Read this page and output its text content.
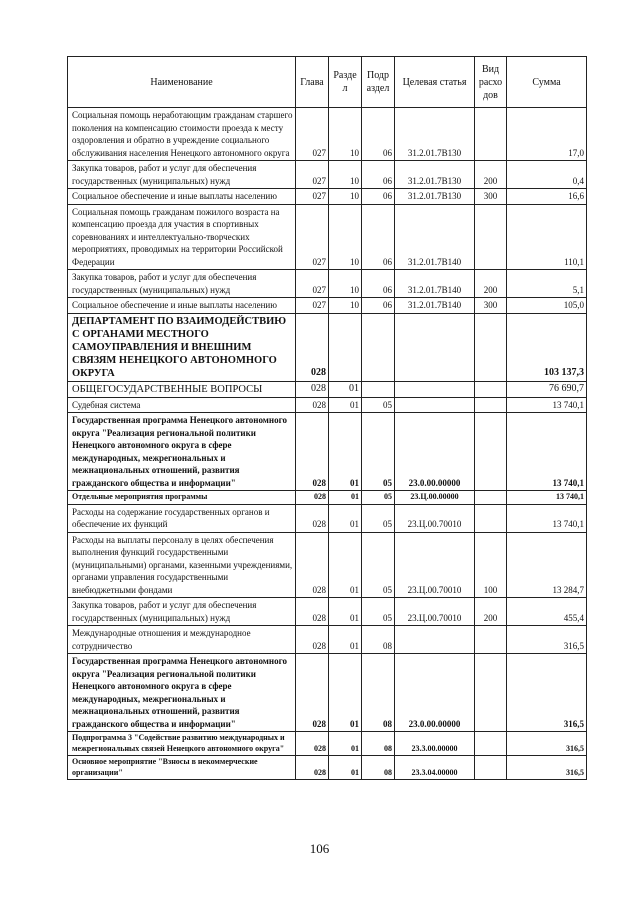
Наименование	Глава	Разде л	Подр аздел	Целевая статья	Вид расхо дов	Сумма
Социальная помощь неработающим гражданам старшего поколения на компенсацию стоимости проезда к месту оздоровления и обратно в учреждение социального обслуживания населения Ненецкого автономного округа	027	10	06	31.2.01.7В130		17,0
Закупка товаров, работ и услуг для обеспечения государственных (муниципальных) нужд	027	10	06	31.2.01.7В130	200	0,4
Социальное обеспечение и иные выплаты населению	027	10	06	31.2.01.7В130	300	16,6
Социальная помощь гражданам пожилого возраста на компенсацию проезда для участия в спортивных соревнованиях и интеллектуально-творческих мероприятиях, проводимых на территории Российской Федерации	027	10	06	31.2.01.7В140		110,1
Закупка товаров, работ и услуг для обеспечения государственных (муниципальных) нужд	027	10	06	31.2.01.7В140	200	5,1
Социальное обеспечение и иные выплаты населению	027	10	06	31.2.01.7В140	300	105,0
ДЕПАРТАМЕНТ ПО ВЗАИМОДЕЙСТВИЮ С ОРГАНАМИ МЕСТНОГО САМОУПРАВЛЕНИЯ И ВНЕШНИМ СВЯЗЯМ НЕНЕЦКОГО АВТОНОМНОГО ОКРУГА	028					103 137,3
ОБЩЕГОСУДАРСТВЕННЫЕ ВОПРОСЫ	028	01				76 690,7
Судебная система	028	01	05			13 740,1
Государственная программа Ненецкого автономного округа "Реализация региональной политики Ненецкого автономного округа в сфере международных, межрегиональных и межнациональных отношений, развития гражданского общества и информации"	028	01	05	23.0.00.00000		13 740,1
Отдельные мероприятия программы	028	01	05	23.Ц.00.00000		13 740,1
Расходы на содержание государственных органов и обеспечение их функций	028	01	05	23.Ц.00.70010		13 740,1
Расходы на выплаты персоналу в целях обеспечения выполнения функций государственными (муниципальными) органами, казенными учреждениями, органами управления государственными внебюджетными фондами	028	01	05	23.Ц.00.70010	100	13 284,7
Закупка товаров, работ и услуг для обеспечения государственных (муниципальных) нужд	028	01	05	23.Ц.00.70010	200	455,4
Международные отношения и международное сотрудничество	028	01	08			316,5
Государственная программа Ненецкого автономного округа "Реализация региональной политики Ненецкого автономного округа в сфере международных, межрегиональных и межнациональных отношений, развития гражданского общества и информации"	028	01	08	23.0.00.00000		316,5
Подпрограмма 3 "Содействие развитию международных и межрегиональных связей Ненецкого автономного округа"	028	01	08	23.3.00.00000		316,5
Основное мероприятие "Взносы в некоммерческие организации"	028	01	08	23.3.04.00000		316,5
106
